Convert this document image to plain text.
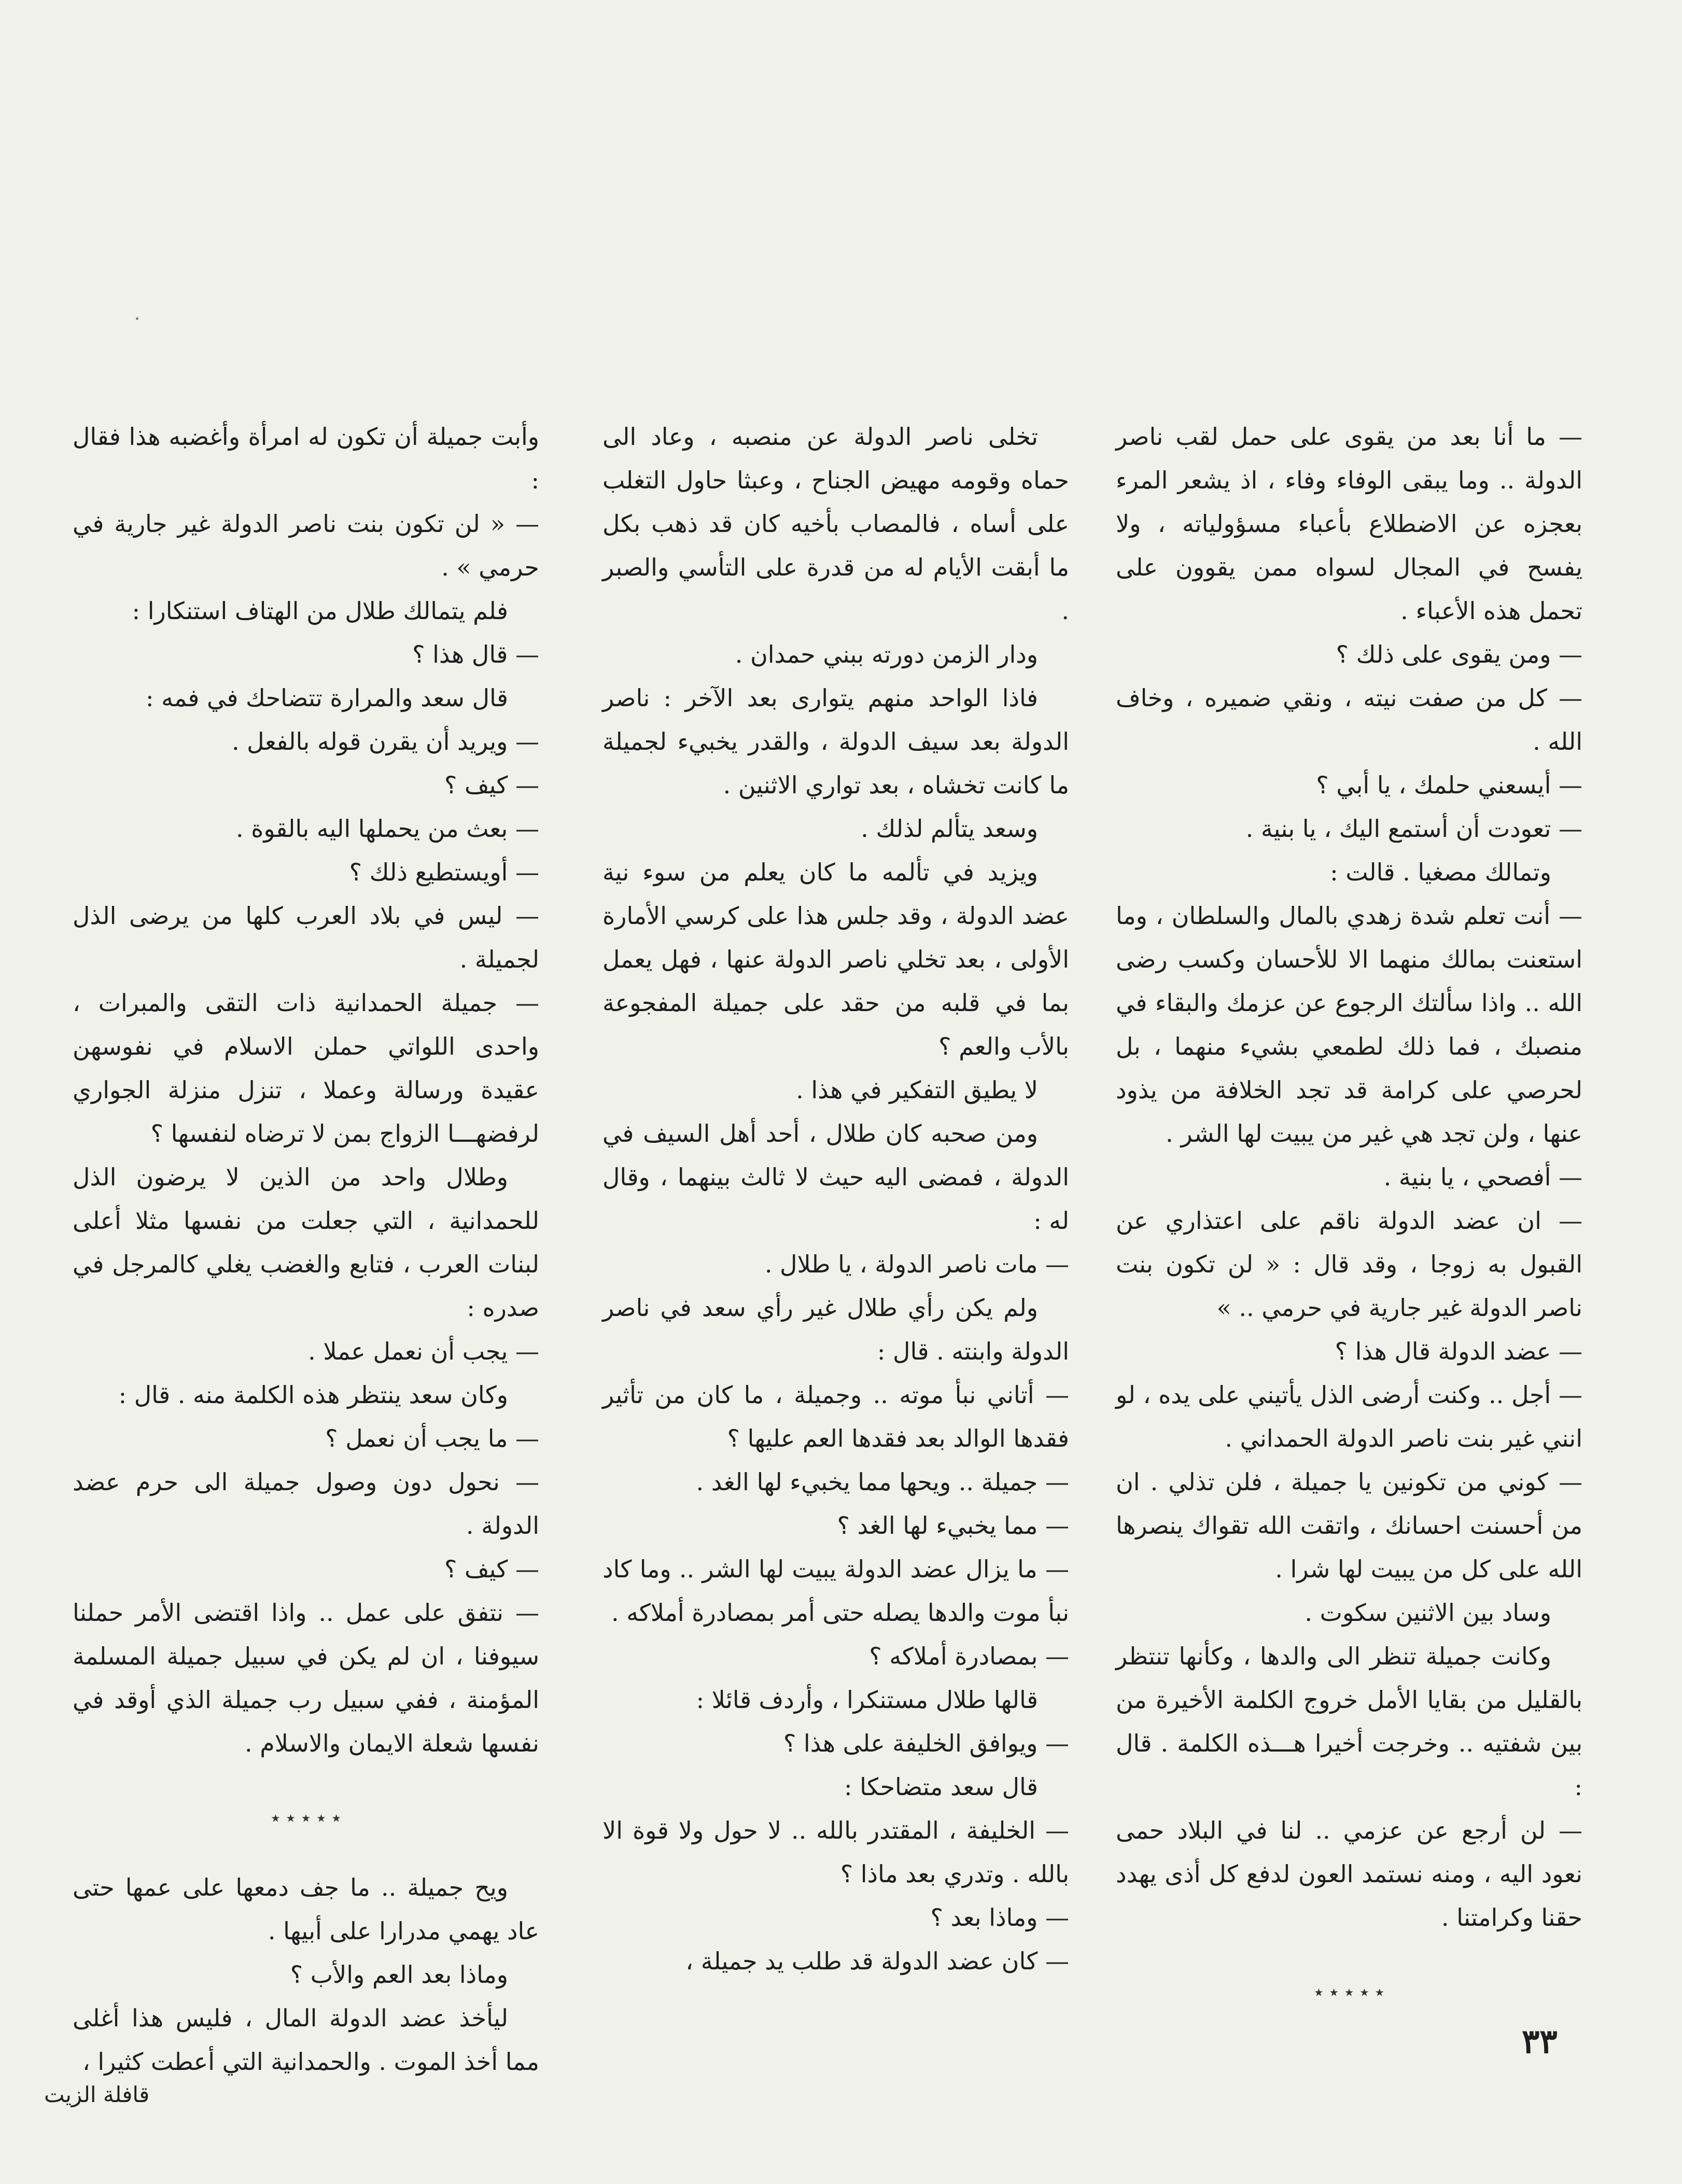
— ما أنا بعد من يقوى على حمل لقب ناصر الدولة .. وما يبقى الوفاء وفاء ، اذ يشعر المرء بعجزه عن الاضطلاع بأعباء مسؤولياته ، ولا يفسح في المجال لسواه ممن يقوون على تحمل هذه الأعباء .

— ومن يقوى على ذلك ؟

— كل من صفت نيته ، ونقي ضميره ، وخاف الله .

— أيسعني حلمك ، يا أبي ؟

— تعودت أن أستمع اليك ، يا بنية .

وتمالك مصغيا . قالت :

— أنت تعلم شدة زهدي بالمال والسلطان ، وما استعنت بمالك منهما الا للأحسان وكسب رضى الله .. واذا سألتك الرجوع عن عزمك والبقاء في منصبك ، فما ذلك لطمعي بشيء منهما ، بل لحرصي على كرامة قد تجد الخلافة من يذود عنها ، ولن تجد هي غير من يبيت لها الشر .

— أفصحي ، يا بنية .

— ان عضد الدولة ناقم على اعتذاري عن القبول به زوجا ، وقد قال : « لن تكون بنت ناصر الدولة غير جارية في حرمي .. »

— عضد الدولة قال هذا ؟

— أجل .. وكنت أرضى الذل يأتيني على يده ، لو انني غير بنت ناصر الدولة الحمداني .

— كوني من تكونين يا جميلة ، فلن تذلي . ان من أحسنت احسانك ، واتقت الله تقواك ينصرها الله على كل من يبيت لها شرا .

وساد بين الاثنين سكوت .

وكانت جميلة تنظر الى والدها ، وكأنها تنتظر بالقليل من بقايا الأمل خروج الكلمة الأخيرة من بين شفتيه .. وخرجت أخيرا هـــذه الكلمة . قال :

— لن أرجع عن عزمي .. لنا في البلاد حمى نعود اليه ، ومنه نستمد العون لدفع كل أذى يهدد حقنا وكرامتنا .

٭ ٭ ٭ ٭ ٭

تخلى ناصر الدولة عن منصبه ، وعاد الى حماه وقومه مهيض الجناح ، وعبثا حاول التغلب على أساه ، فالمصاب بأخيه كان قد ذهب بكل ما أبقت الأيام له من قدرة على التأسي والصبر .

ودار الزمن دورته ببني حمدان .

فاذا الواحد منهم يتوارى بعد الآخر : ناصر الدولة بعد سيف الدولة ، والقدر يخبيء لجميلة ما كانت تخشاه ، بعد تواري الاثنين .

وسعد يتألم لذلك .

ويزيد في تألمه ما كان يعلم من سوء نية عضد الدولة ، وقد جلس هذا على كرسي الأمارة الأولى ، بعد تخلي ناصر الدولة عنها ، فهل يعمل بما في قلبه من حقد على جميلة المفجوعة بالأب والعم ؟

لا يطيق التفكير في هذا .

ومن صحبه كان طلال ، أحد أهل السيف في الدولة ، فمضى اليه حيث لا ثالث بينهما ، وقال له :

— مات ناصر الدولة ، يا طلال .

ولم يكن رأي طلال غير رأي سعد في ناصر الدولة وابنته . قال :

— أتاني نبأ موته .. وجميلة ، ما كان من تأثير فقدها الوالد بعد فقدها العم عليها ؟

— جميلة .. ويحها مما يخبيء لها الغد .

— مما يخبيء لها الغد ؟

— ما يزال عضد الدولة يبيت لها الشر .. وما كاد نبأ موت والدها يصله حتى أمر بمصادرة أملاكه .

— بمصادرة أملاكه ؟

قالها طلال مستنكرا ، وأردف قائلا :

— ويوافق الخليفة على هذا ؟

قال سعد متضاحكا :

— الخليفة ، المقتدر بالله .. لا حول ولا قوة الا بالله . وتدري بعد ماذا ؟

— وماذا بعد ؟

— كان عضد الدولة قد طلب يد جميلة ،

وأبت جميلة أن تكون له امرأة وأغضبه هذا فقال :

— « لن تكون بنت ناصر الدولة غير جارية في حرمي » .

فلم يتمالك طلال من الهتاف استنكارا :

— قال هذا ؟

قال سعد والمرارة تتضاحك في فمه :

— ويريد أن يقرن قوله بالفعل .

— كيف ؟

— بعث من يحملها اليه بالقوة .

— أويستطيع ذلك ؟

— ليس في بلاد العرب كلها من يرضى الذل لجميلة .

— جميلة الحمدانية ذات التقى والمبرات ، واحدى اللواتي حملن الاسلام في نفوسهن عقيدة ورسالة وعملا ، تنزل منزلة الجواري لرفضهـــا الزواج بمن لا ترضاه لنفسها ؟

وطلال واحد من الذين لا يرضون الذل للحمدانية ، التي جعلت من نفسها مثلا أعلى لبنات العرب ، فتابع والغضب يغلي كالمرجل في صدره :

— يجب أن نعمل عملا .

وكان سعد ينتظر هذه الكلمة منه . قال :

— ما يجب أن نعمل ؟

— نحول دون وصول جميلة الى حرم عضد الدولة .

— كيف ؟

— نتفق على عمل .. واذا اقتضى الأمر حملنا سيوفنا ، ان لم يكن في سبيل جميلة المسلمة المؤمنة ، ففي سبيل رب جميلة الذي أوقد في نفسها شعلة الايمان والاسلام .

٭ ٭ ٭ ٭ ٭

ويح جميلة .. ما جف دمعها على عمها حتى عاد يهمي مدرارا على أبيها .

وماذا بعد العم والأب ؟

ليأخذ عضد الدولة المال ، فليس هذا أغلى مما أخذ الموت . والحمدانية التي أعطت كثيرا ،

٣٣
قافلة الزيت
